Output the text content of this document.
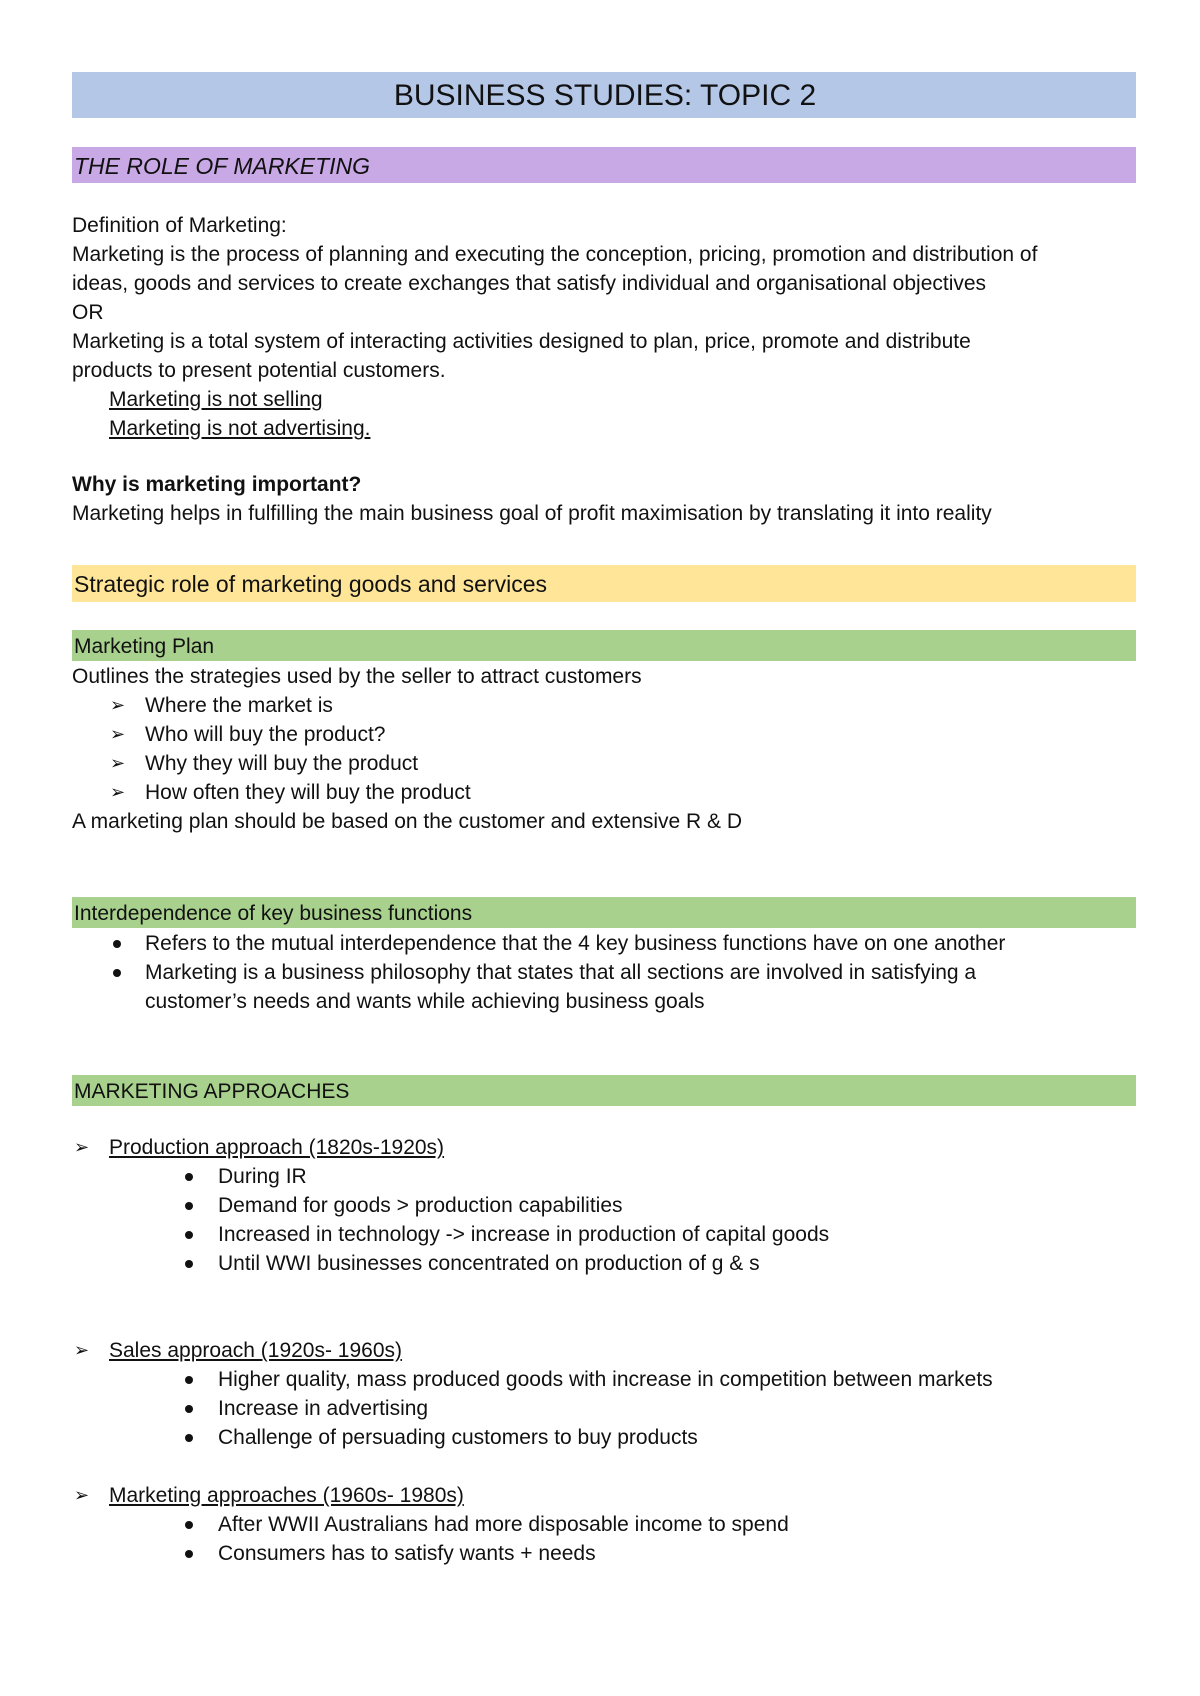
BUSINESS STUDIES: TOPIC 2
THE ROLE OF MARKETING
Definition of Marketing:
Marketing is the process of planning and executing the conception, pricing, promotion and distribution of
ideas, goods and services to create exchanges that satisfy individual and organisational objectives
OR
Marketing is a total system of interacting activities designed to plan, price, promote and distribute
products to present potential customers.
Marketing is not selling
Marketing is not advertising.
Why is marketing important?
Marketing helps in fulfilling the main business goal of profit maximisation by translating it into reality
Strategic role of marketing goods and services
Marketing Plan
Outlines the strategies used by the seller to attract customers
➢ Where the market is
➢ Who will buy the product?
➢ Why they will buy the product
➢ How often they will buy the product
A marketing plan should be based on the customer and extensive R & D
Interdependence of key business functions
Refers to the mutual interdependence that the 4 key business functions have on one another
Marketing is a business philosophy that states that all sections are involved in satisfying a
customer’s needs and wants while achieving business goals
MARKETING APPROACHES
➢ Production approach (1820s-1920s)
During IR
Demand for goods > production capabilities
Increased in technology -> increase in production of capital goods
Until WWI businesses concentrated on production of g & s
➢ Sales approach (1920s- 1960s)
Higher quality, mass produced goods with increase in competition between markets
Increase in advertising
Challenge of persuading customers to buy products
➢ Marketing approaches (1960s- 1980s)
After WWII Australians had more disposable income to spend
Consumers has to satisfy wants + needs
